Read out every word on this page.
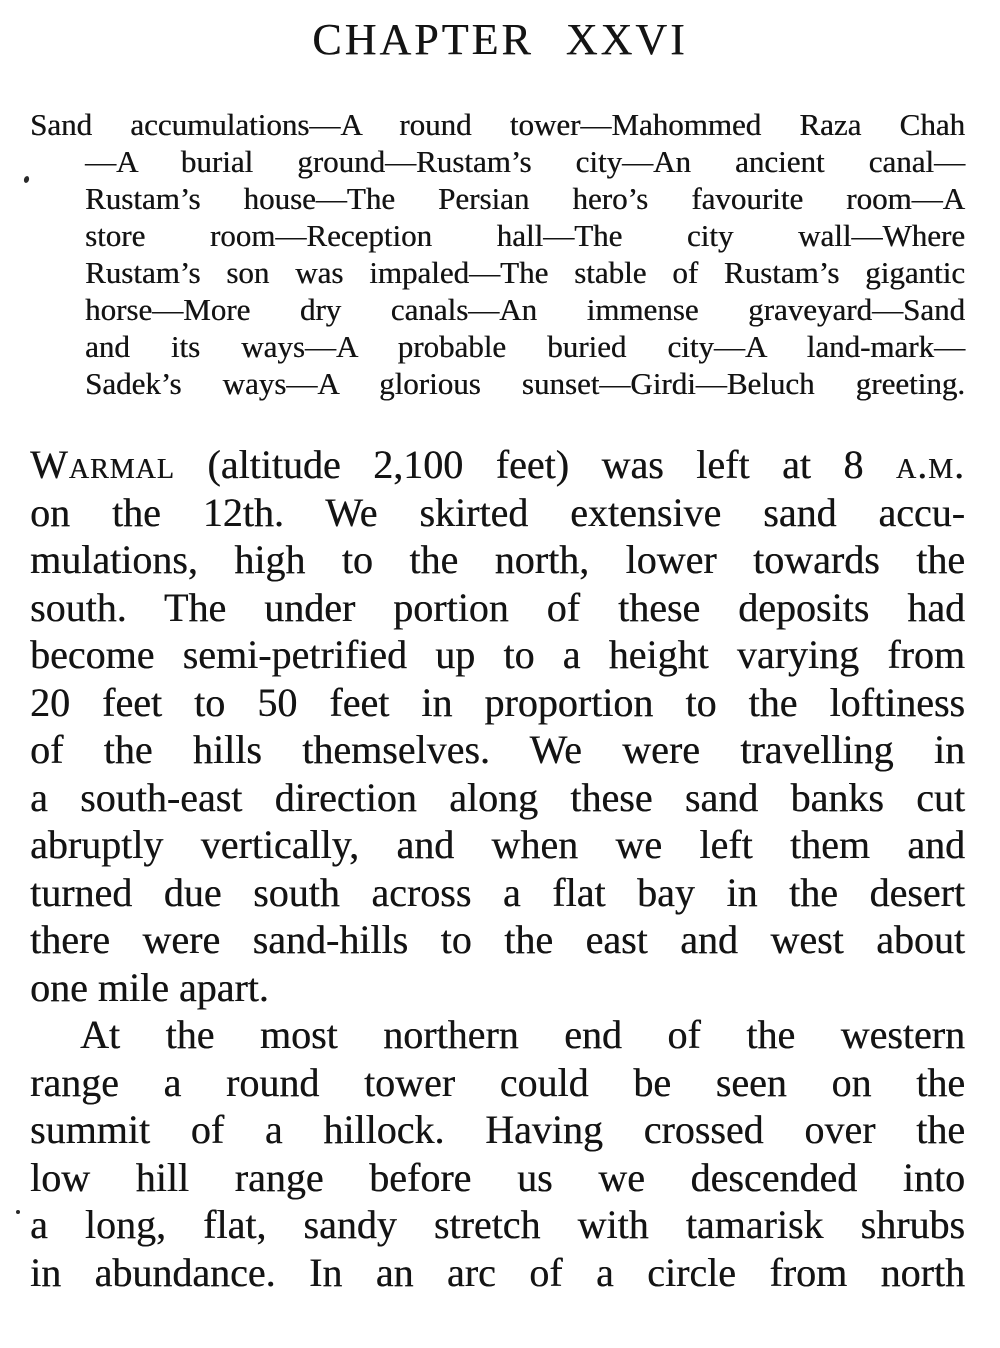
CHAPTER XXVI
Sand accumulations—A round tower—Mahommed Raza Chah
—A burial ground—Rustam’s city—An ancient canal—
Rustam’s house—The Persian hero’s favourite room—A
store room—Reception hall—The city wall—Where
Rustam’s son was impaled—The stable of Rustam’s gigantic
horse—More dry canals—An immense graveyard—Sand
and its ways—A probable buried city—A land-mark—
Sadek’s ways—A glorious sunset—Girdi—Beluch greeting.
Warmal (altitude 2,100 feet) was left at 8 a.m.
on the 12th. We skirted extensive sand accu-
mulations, high to the north, lower towards the
south. The under portion of these deposits had
become semi-petrified up to a height varying from
20 feet to 50 feet in proportion to the loftiness
of the hills themselves. We were travelling in
a south-east direction along these sand banks cut
abruptly vertically, and when we left them and
turned due south across a flat bay in the desert
there were sand-hills to the east and west about
one mile apart.
At the most northern end of the western
range a round tower could be seen on the
summit of a hillock. Having crossed over the
low hill range before us we descended into
a long, flat, sandy stretch with tamarisk shrubs
in abundance. In an arc of a circle from north
